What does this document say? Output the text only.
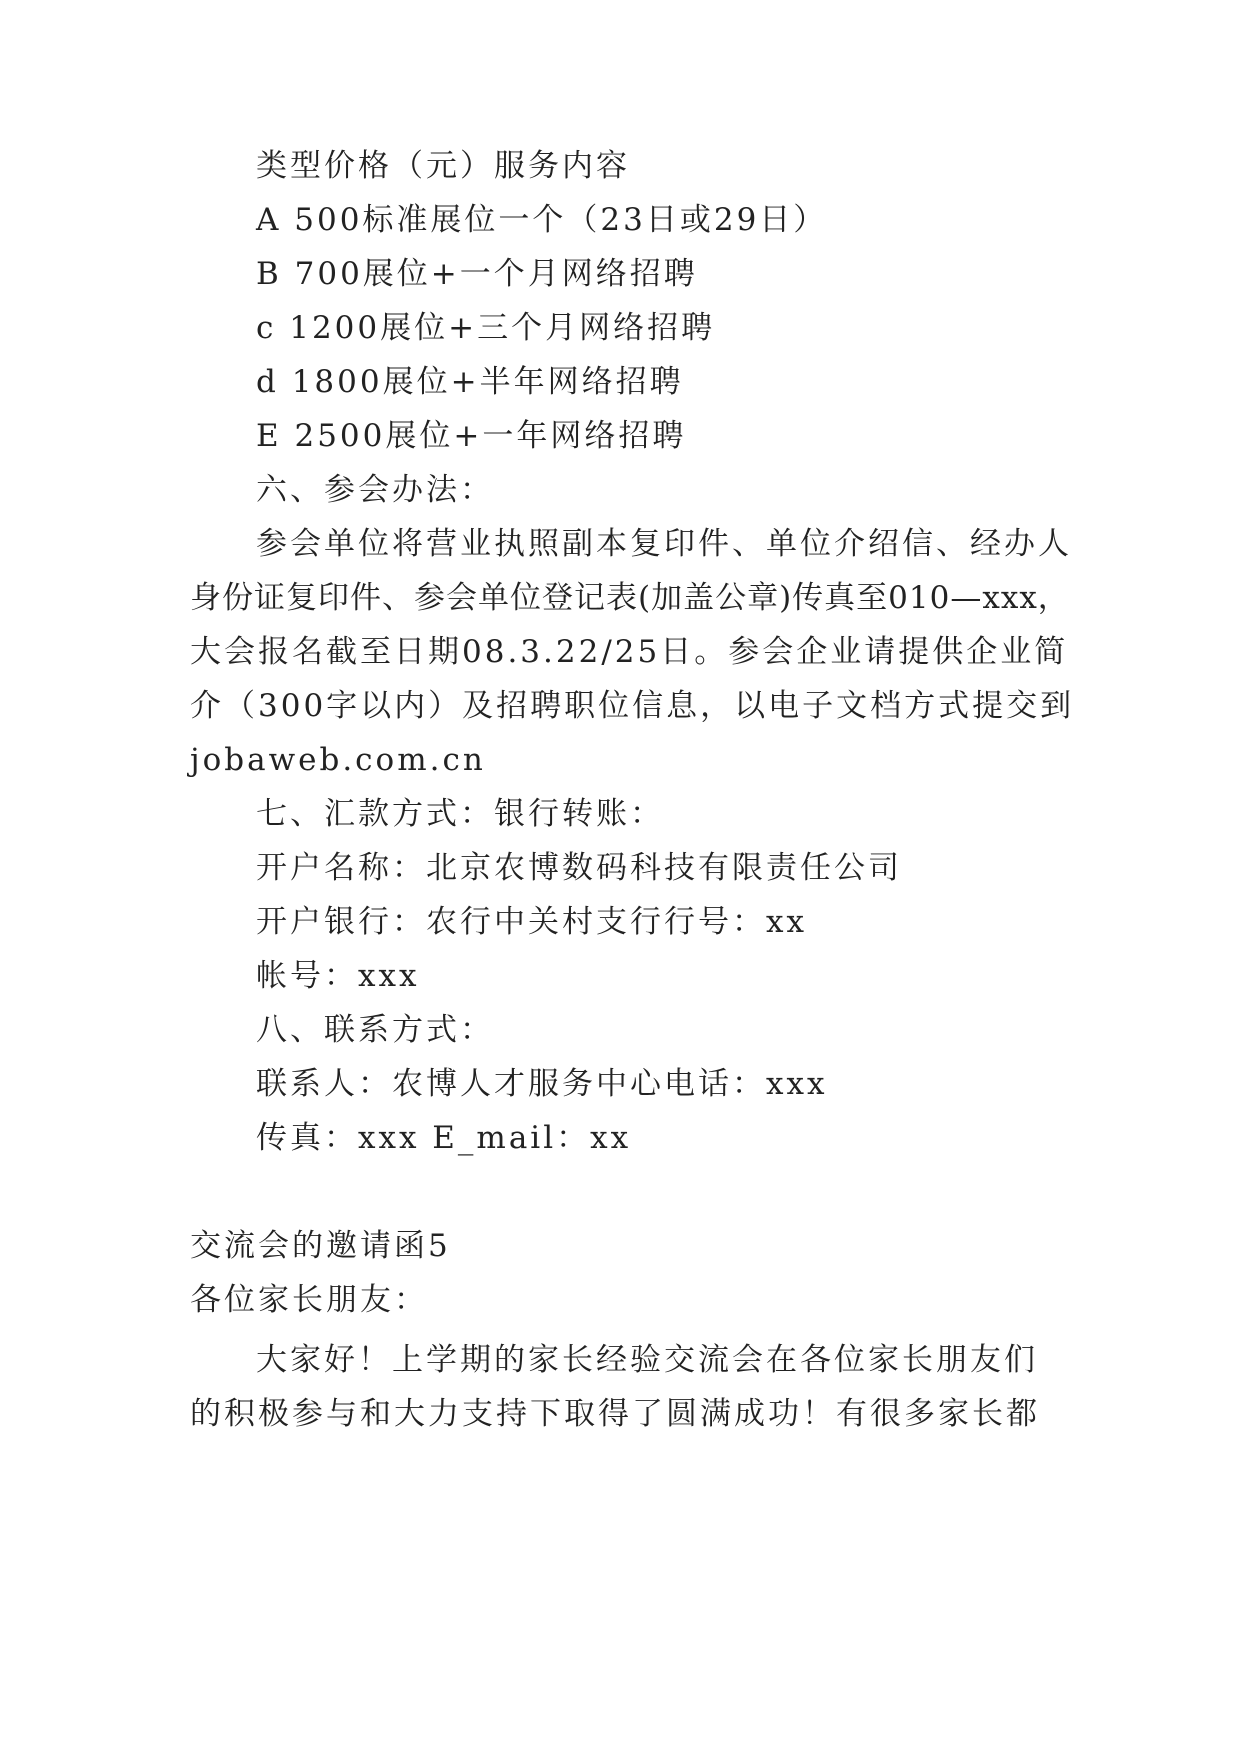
类型价格（元）服务内容
A 500标准展位一个（23日或29日）
B 700展位+一个月网络招聘
c 1200展位+三个月网络招聘
d 1800展位+半年网络招聘
E 2500展位+一年网络招聘
六、参会办法：
参会单位将营业执照副本复印件、单位介绍信、经办人
身份证复印件、参会单位登记表(加盖公章)传真至010—xxx，
大会报名截至日期08.3.22/25日。参会企业请提供企业简
介（300字以内）及招聘职位信息，以电子文档方式提交到
jobaweb.com.cn
七、汇款方式：银行转账：
开户名称：北京农博数码科技有限责任公司
开户银行：农行中关村支行行号：xx
帐号：xxx
八、联系方式：
联系人：农博人才服务中心电话：xxx
传真：xxx E_mail：xx
交流会的邀请函5
各位家长朋友：
大家好！上学期的家长经验交流会在各位家长朋友们
的积极参与和大力支持下取得了圆满成功！有很多家长都
